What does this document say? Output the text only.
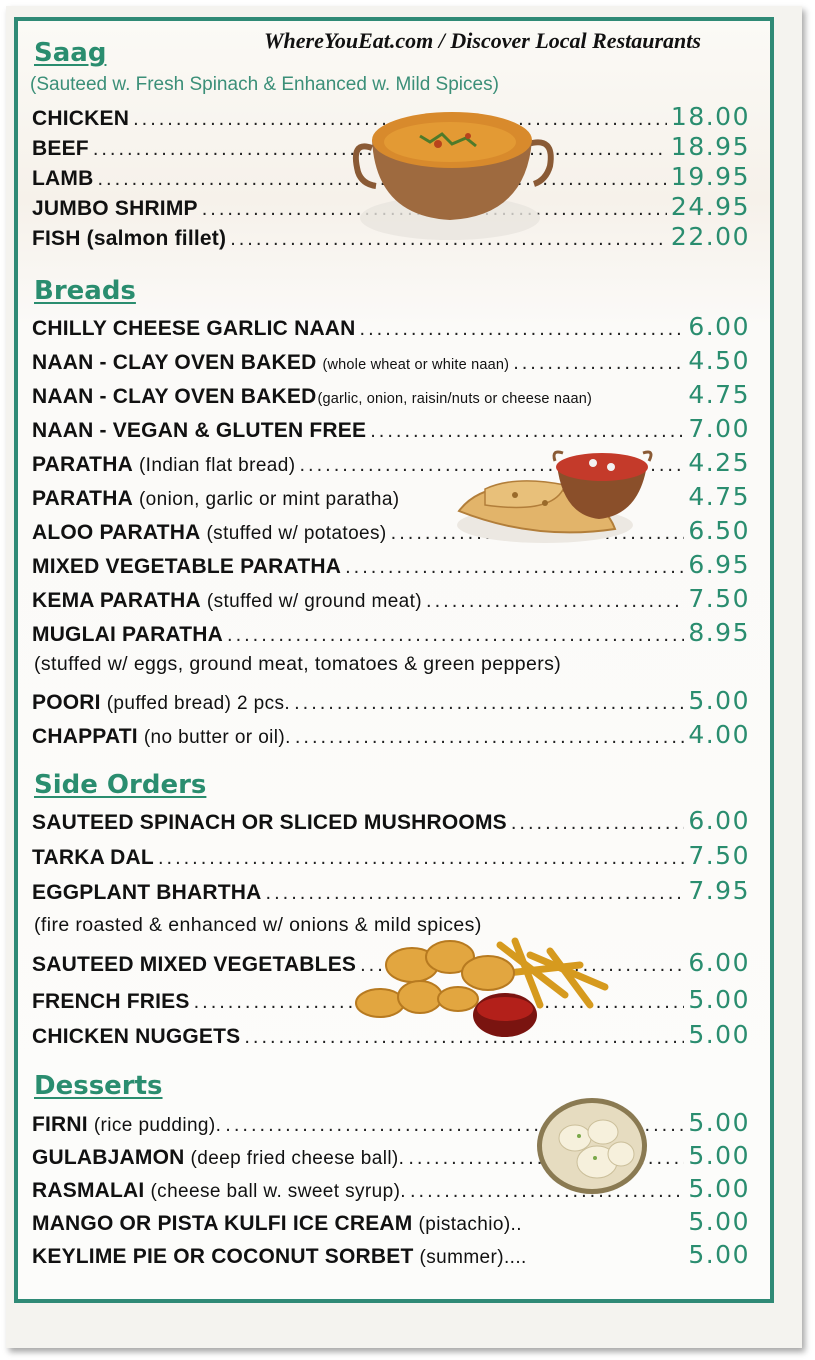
WhereYouEat.com / Discover Local Restaurants
Saag
(Sauteed w. Fresh Spinach & Enhanced w. Mild Spices)
CHICKEN .....	18.00
BEEF .....	18.95
LAMB .....	19.95
JUMBO SHRIMP .....	24.95
FISH (salmon fillet) .....	22.00
Breads
CHILLY CHEESE GARLIC NAAN .....	6.00
NAAN - CLAY OVEN BAKED (whole wheat or white naan) .....	4.50
NAAN - CLAY OVEN BAKED (garlic, onion, raisin/nuts or cheese naan)	4.75
NAAN - VEGAN & GLUTEN FREE .....	7.00
PARATHA (Indian flat bread) .....	4.25
PARATHA (onion, garlic or mint paratha)	4.75
ALOO PARATHA (stuffed w/ potatoes) .....	6.50
MIXED VEGETABLE PARATHA .....	6.95
KEMA PARATHA (stuffed w/ ground meat) .....	7.50
MUGLAI PARATHA .....	8.95
(stuffed w/ eggs, ground meat, tomatoes & green peppers)
POORI (puffed bread) 2 pcs. .....	5.00
CHAPPATI (no butter or oil). .....	4.00
Side Orders
SAUTEED SPINACH OR SLICED MUSHROOMS .....	6.00
TARKA DAL .....	7.50
EGGPLANT BHARTHA .....	7.95
(fire roasted & enhanced w/ onions & mild spices)
SAUTEED MIXED VEGETABLES .....	6.00
FRENCH FRIES .....	5.00
CHICKEN NUGGETS .....	5.00
Desserts
FIRNI (rice pudding). .....	5.00
GULABJAMON (deep fried cheese ball). .....	5.00
RASMALAI (cheese ball w. sweet syrup). .....	5.00
MANGO OR PISTA KULFI ICE CREAM (pistachio)..	5.00
KEYLIME PIE OR COCONUT SORBET (summer)....	5.00
